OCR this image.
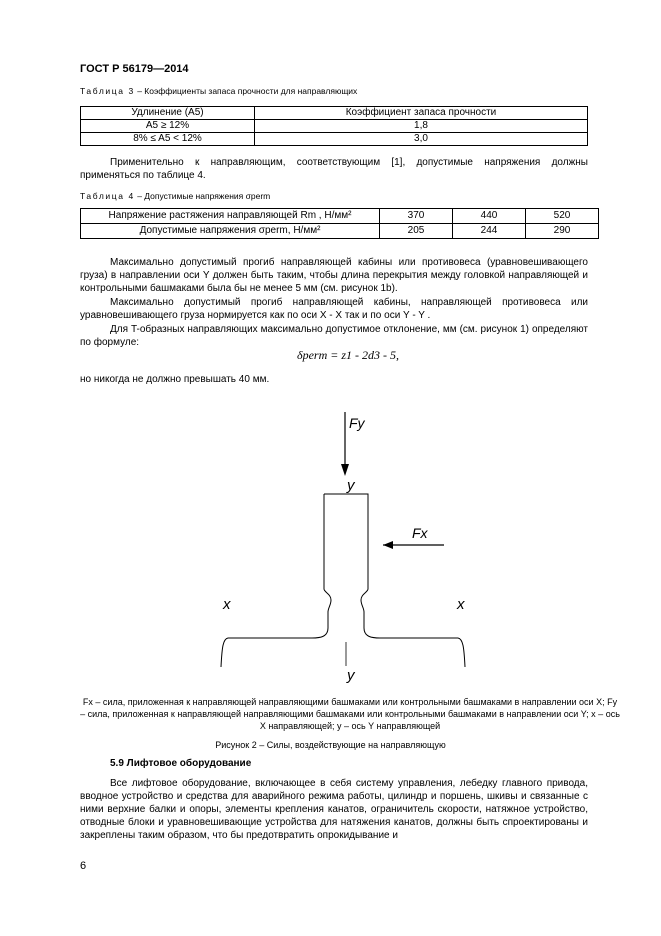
ГОСТ Р 56179—2014
Таблица 3 – Коэффициенты запаса прочности для направляющих
Удлинение (A5)	Коэффициент запаса прочности
A5 ≥ 12%	1,8
8% ≤ A5 < 12%	3,0

Применительно к направляющим, соответствующим [1], допустимые напряжения должны применяться по таблице 4.

Таблица 4 – Допустимые напряжения σperm
Напряжение растяжения направляющей Rm , Н/мм²	370	440	520
Допустимые напряжения σperm, Н/мм²	205	244	290

Максимально допустимый прогиб направляющей кабины или противовеса (уравновешивающего груза) в направлении оси Y должен быть таким, чтобы длина перекрытия между головкой направляющей и контрольными башмаками была бы не менее 5 мм (см. рисунок 1b).

Максимально допустимый прогиб направляющей кабины, направляющей противовеса или уравновешивающего груза нормируется как по оси X - X так и по оси Y - Y .

Для T-образных направляющих максимально допустимое отклонение, мм (см. рисунок 1) определяют по формуле:

δperm = z1 - 2d3 - 5,

но никогда не должно превышать 40 мм.

Fy
Fx
y
y
x	x

Fx – сила, приложенная к направляющей направляющими башмаками или контрольными башмаками в направлении оси X; Fy – сила, приложенная к направляющей направляющими башмаками или контрольными башмаками в направлении оси Y; x – ось X направляющей; y – ось Y направляющей

Рисунок 2 – Силы, воздействующие на направляющую
5.9 Лифтовое оборудование

Все лифтовое оборудование, включающее в себя систему управления, лебедку главного привода, вводное устройство и средства для аварийного режима работы, цилиндр и поршень, шкивы и связанные с ними верхние балки и опоры, элементы крепления канатов, ограничитель скорости, натяжное устройство, отводные блоки и уравновешивающие устройства для натяжения канатов, должны быть спроектированы и закреплены таким образом, что бы предотвратить опрокидывание и

6
